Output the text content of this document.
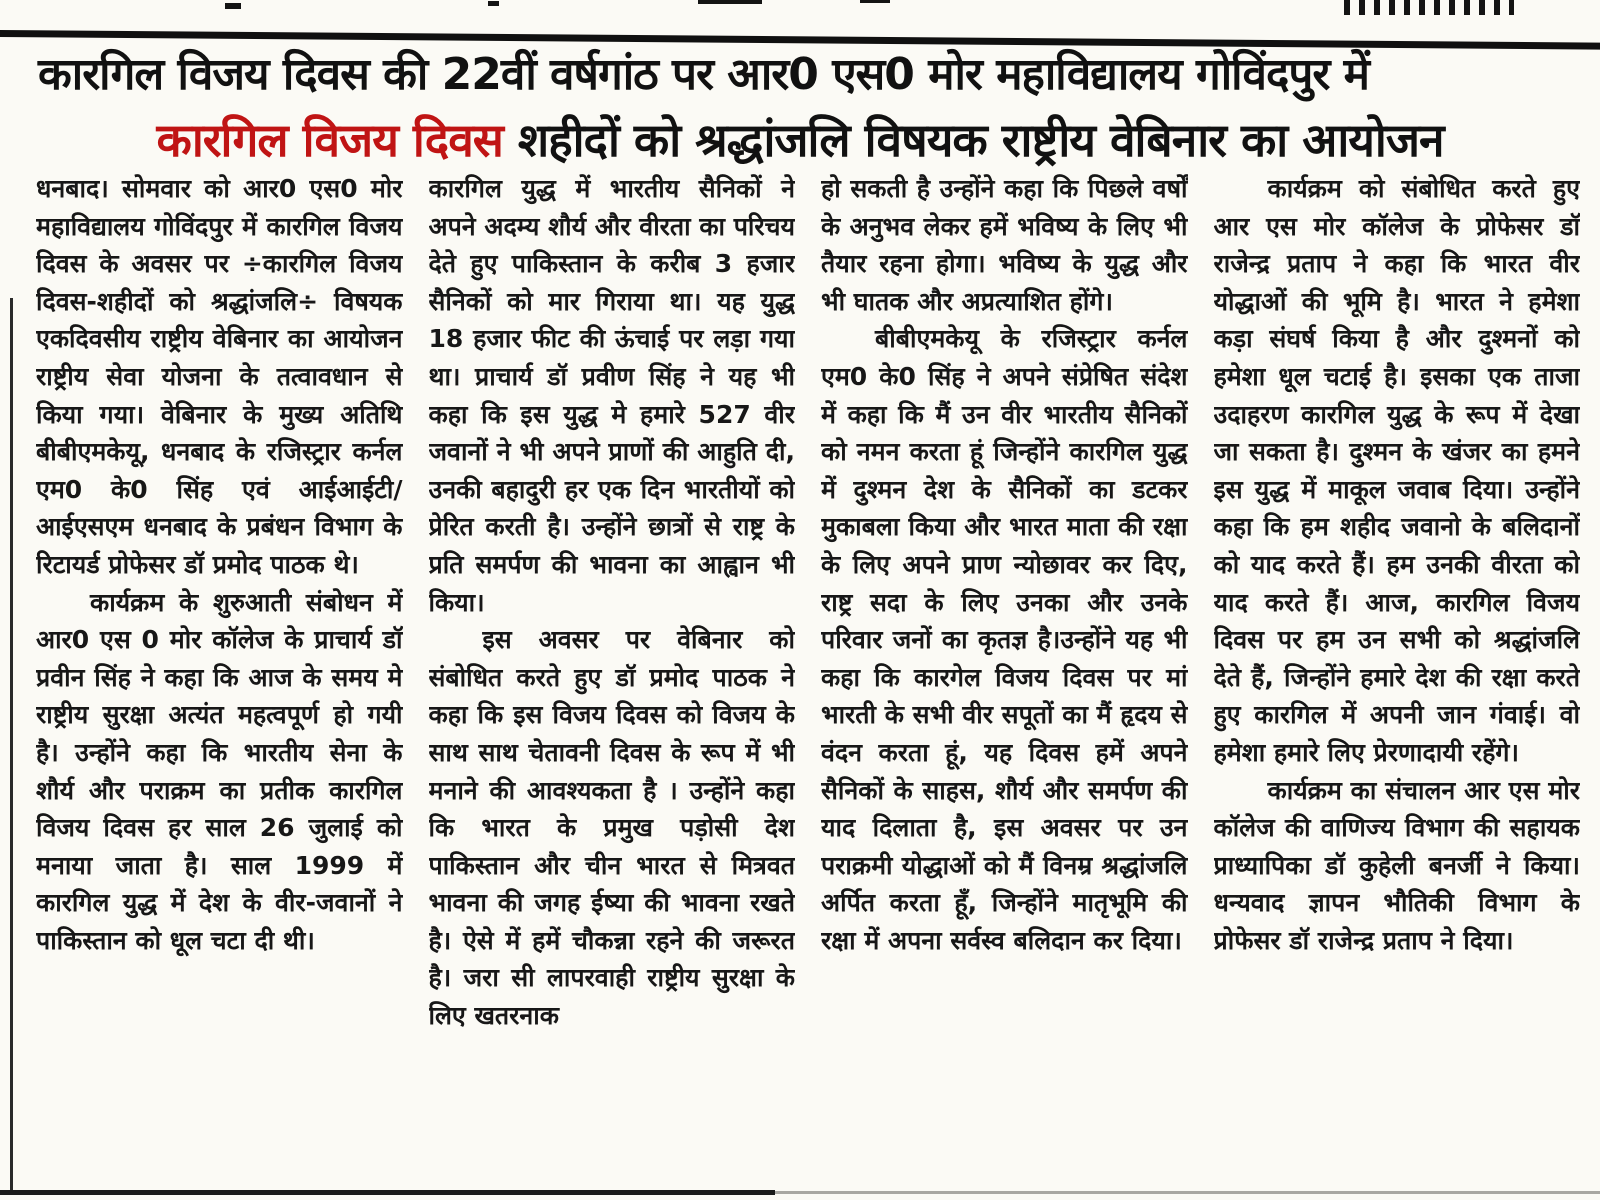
कारगिल विजय दिवस की 22वीं वर्षगांठ पर आर0 एस0 मोर महाविद्यालय गोविंदपुर में
कारगिल विजय दिवस शहीदों को श्रद्धांजलि विषयक राष्ट्रीय वेबिनार का आयोजन

धनबाद। सोमवार को आर0 एस0 मोर महाविद्यालय गोविंदपुर में कारगिल विजय दिवस के अवसर पर ÷कारगिल विजय दिवस-शहीदों को श्रद्धांजलि÷ विषयक एकदिवसीय राष्ट्रीय वेबिनार का आयोजन राष्ट्रीय सेवा योजना के तत्वावधान से किया गया। वेबिनार के मुख्य अतिथि बीबीएमकेयू, धनबाद के रजिस्ट्रार कर्नल एम0 के0 सिंह एवं आईआईटी/आईएसएम धनबाद के प्रबंधन विभाग के रिटायर्ड प्रोफेसर डॉ प्रमोद पाठक थे।

कार्यक्रम के शुरुआती संबोधन में आर0 एस 0 मोर कॉलेज के प्राचार्य डॉ प्रवीन सिंह ने कहा कि आज के समय मे राष्ट्रीय सुरक्षा अत्यंत महत्वपूर्ण हो गयी है। उन्होंने कहा कि भारतीय सेना के शौर्य और पराक्रम का प्रतीक कारगिल विजय दिवस हर साल 26 जुलाई को मनाया जाता है। साल 1999 में कारगिल युद्ध में देश के वीर-जवानों ने पाकिस्तान को धूल चटा दी थी।

कारगिल युद्ध में भारतीय सैनिकों ने अपने अदम्य शौर्य और वीरता का परिचय देते हुए पाकिस्तान के करीब 3 हजार सैनिकों को मार गिराया था। यह युद्ध 18 हजार फीट की ऊंचाई पर लड़ा गया था। प्राचार्य डॉ प्रवीण सिंह ने यह भी कहा कि इस युद्ध मे हमारे 527 वीर जवानों ने भी अपने प्राणों की आहुति दी, उनकी बहादुरी हर एक दिन भारतीयों को प्रेरित करती है। उन्होंने छात्रों से राष्ट्र के प्रति समर्पण की भावना का आह्वान भी किया।

इस अवसर पर वेबिनार को संबोधित करते हुए डॉ प्रमोद पाठक ने कहा कि इस विजय दिवस को विजय के साथ साथ चेतावनी दिवस के रूप में भी मनाने की आवश्यकता है । उन्होंने कहा कि भारत के प्रमुख पड़ोसी देश पाकिस्तान और चीन भारत से मित्रवत भावना की जगह ईष्या की भावना रखते है। ऐसे में हमें चौकन्ना रहने की जरूरत है। जरा सी लापरवाही राष्ट्रीय सुरक्षा के लिए खतरनाक

हो सकती है उन्होंने कहा कि पिछले वर्षों के अनुभव लेकर हमें भविष्य के लिए भी तैयार रहना होगा। भविष्य के युद्ध और भी घातक और अप्रत्याशित होंगे।

बीबीएमकेयू के रजिस्ट्रार कर्नल एम0 के0 सिंह ने अपने संप्रेषित संदेश में कहा कि मैं उन वीर भारतीय सैनिकों को नमन करता हूं जिन्होंने कारगिल युद्ध में दुश्मन देश के सैनिकों का डटकर मुकाबला किया और भारत माता की रक्षा के लिए अपने प्राण न्योछावर कर दिए, राष्ट्र सदा के लिए उनका और उनके परिवार जनों का कृतज्ञ है।उन्होंने यह भी कहा कि कारगेल विजय दिवस पर मां भारती के सभी वीर सपूतों का मैं हृदय से वंदन करता हूं, यह दिवस हमें अपने सैनिकों के साहस, शौर्य और समर्पण की याद दिलाता है, इस अवसर पर उन पराक्रमी योद्धाओं को मैं विनम्र श्रद्धांजलि अर्पित करता हूँ, जिन्होंने मातृभूमि की रक्षा में अपना सर्वस्व बलिदान कर दिया।

कार्यक्रम को संबोधित करते हुए आर एस मोर कॉलेज के प्रोफेसर डॉ राजेन्द्र प्रताप ने कहा कि भारत वीर योद्धाओं की भूमि है। भारत ने हमेशा कड़ा संघर्ष किया है और दुश्मनों को हमेशा धूल चटाई है। इसका एक ताजा उदाहरण कारगिल युद्ध के रूप में देखा जा सकता है। दुश्मन के खंजर का हमने इस युद्ध में माकूल जवाब दिया। उन्होंने कहा कि हम शहीद जवानो के बलिदानों को याद करते हैं। हम उनकी वीरता को याद करते हैं। आज, कारगिल विजय दिवस पर हम उन सभी को श्रद्धांजलि देते हैं, जिन्होंने हमारे देश की रक्षा करते हुए कारगिल में अपनी जान गंवाई। वो हमेशा हमारे लिए प्रेरणादायी रहेंगे।

कार्यक्रम का संचालन आर एस मोर कॉलेज की वाणिज्य विभाग की सहायक प्राध्यापिका डॉ कुहेली बनर्जी ने किया। धन्यवाद ज्ञापन भौतिकी विभाग के प्रोफेसर डॉ राजेन्द्र प्रताप ने दिया।
